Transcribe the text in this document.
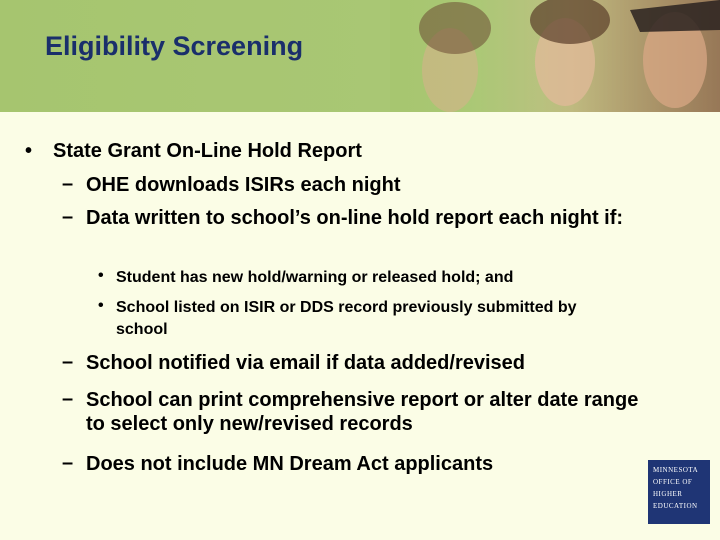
Eligibility Screening
• State Grant On-Line Hold Report
– OHE downloads ISIRs each night
– Data written to school’s on-line hold report each night if:
• Student has new hold/warning or released hold; and
• School listed on ISIR or DDS record previously submitted by school
– School notified via email if data added/revised
– School can print comprehensive report or alter date range to select only new/revised records
– Does not include MN Dream Act applicants	MINNESOTA
OFFICE OF
HIGHER
EDUCATION
